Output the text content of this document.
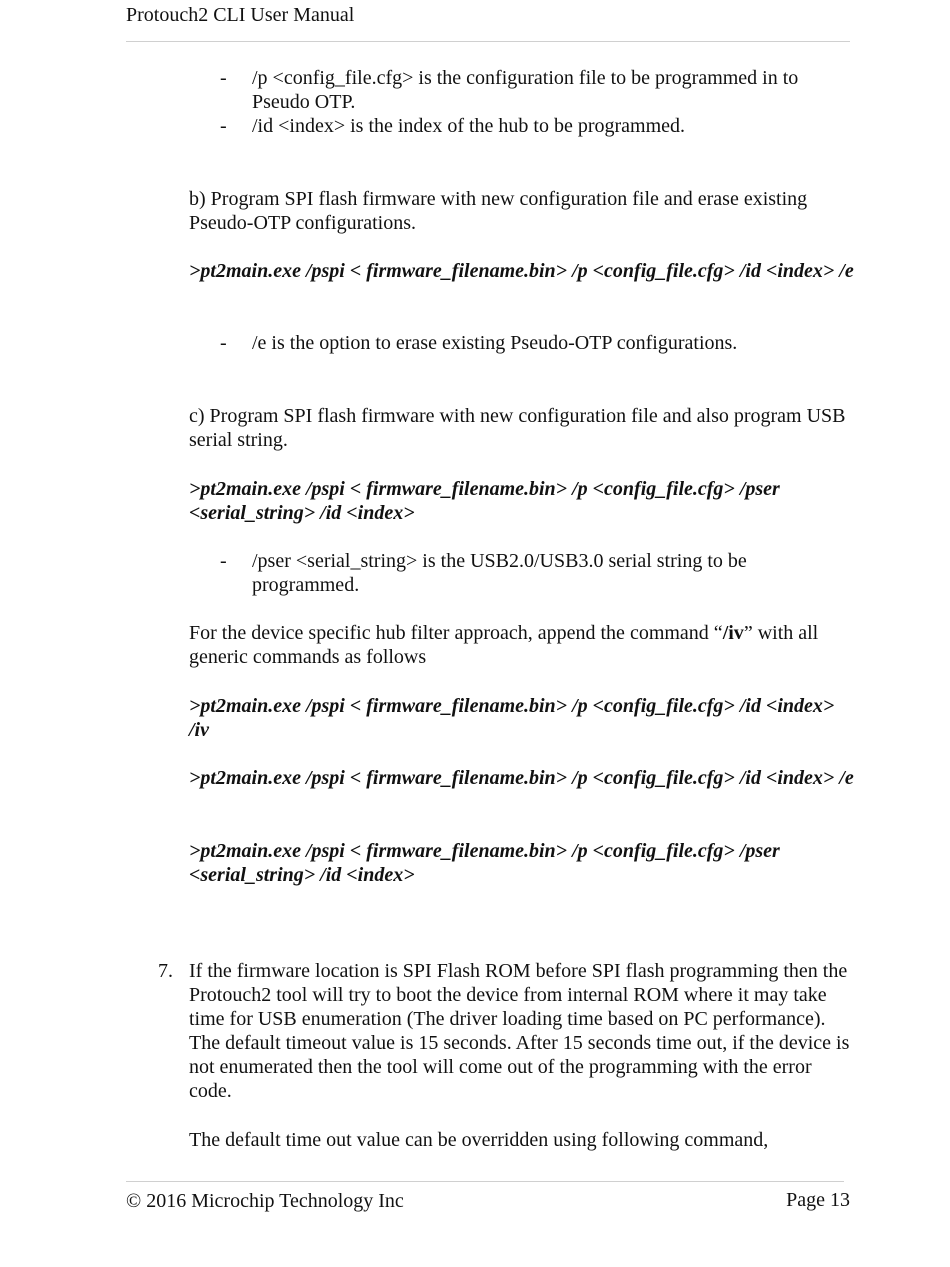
Protouch2 CLI User Manual
- /p <config_file.cfg> is the configuration file to be programmed in to Pseudo OTP.
- /id <index> is the index of the hub to be programmed.
b) Program SPI flash firmware with new configuration file and erase existing Pseudo-OTP configurations.
>pt2main.exe /pspi < firmware_filename.bin> /p <config_file.cfg> /id <index> /e
- /e is the option to erase existing Pseudo-OTP configurations.
c) Program SPI flash firmware with new configuration file and also program USB serial string.
>pt2main.exe /pspi < firmware_filename.bin> /p <config_file.cfg> /pser <serial_string> /id <index>
- /pser <serial_string> is the USB2.0/USB3.0 serial string to be programmed.
For the device specific hub filter approach, append the command “/iv” with all generic commands as follows
>pt2main.exe /pspi < firmware_filename.bin> /p <config_file.cfg> /id <index> /iv
>pt2main.exe /pspi < firmware_filename.bin> /p <config_file.cfg> /id <index> /e
>pt2main.exe /pspi < firmware_filename.bin> /p <config_file.cfg> /pser <serial_string> /id <index>
7. If the firmware location is SPI Flash ROM before SPI flash programming then the Protouch2 tool will try to boot the device from internal ROM where it may take time for USB enumeration (The driver loading time based on PC performance). The default timeout value is 15 seconds. After 15 seconds time out, if the device is not enumerated then the tool will come out of the programming with the error code.
The default time out value can be overridden using following command,
© 2016 Microchip Technology Inc	Page 13
